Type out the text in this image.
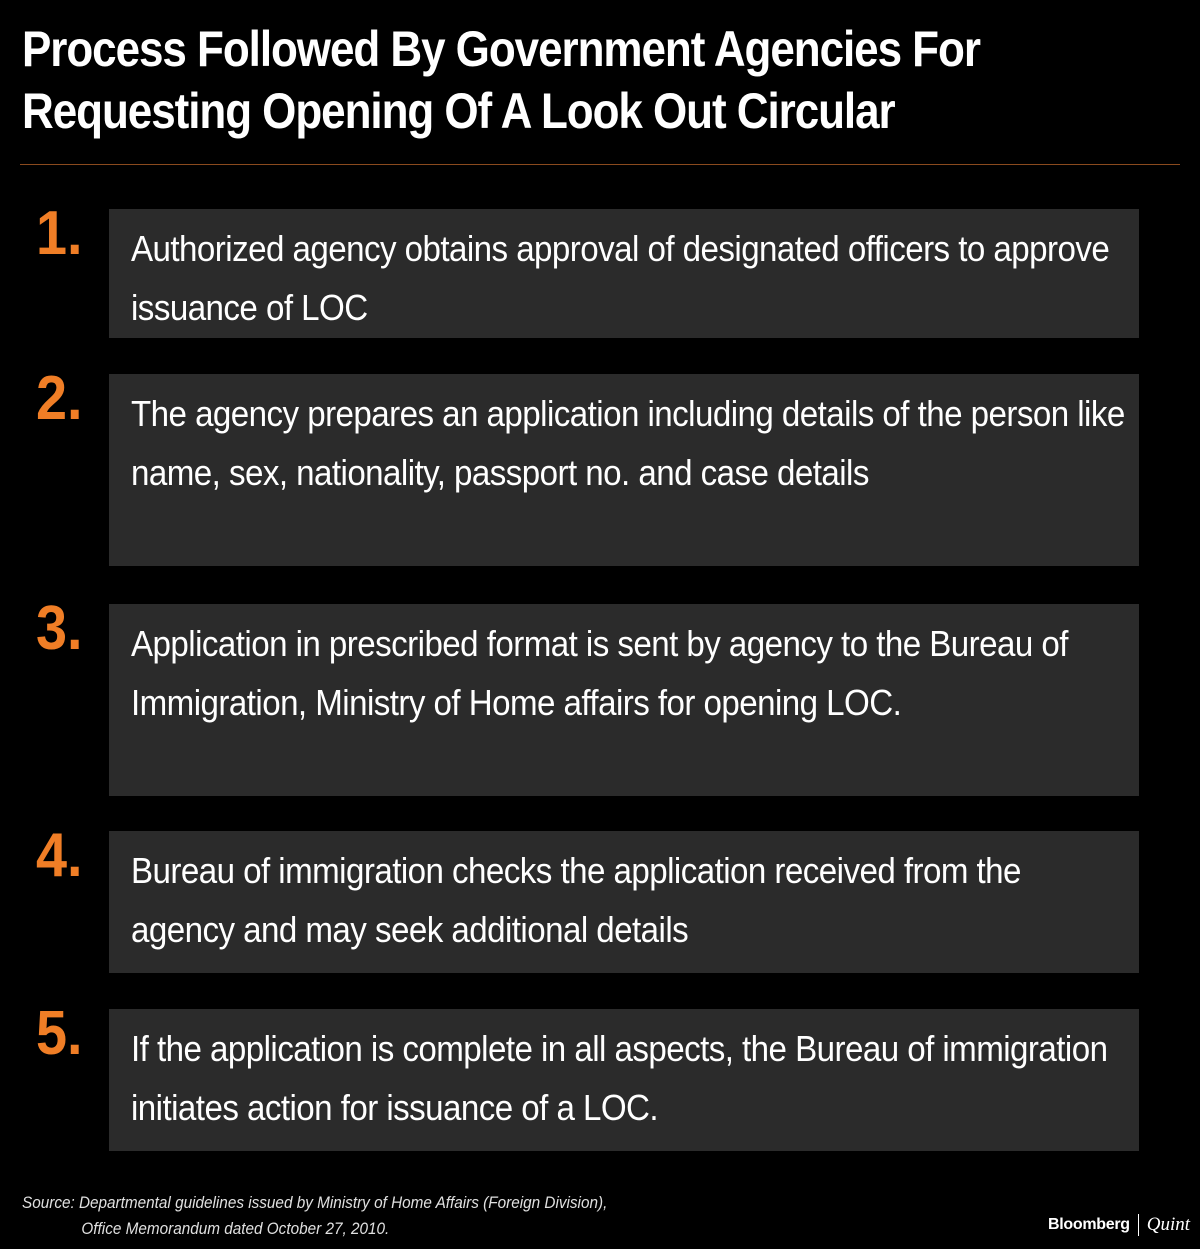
Process Followed By Government Agencies For Requesting Opening Of A Look Out Circular
1. Authorized agency obtains approval of designated officers to approve issuance of LOC
2. The agency prepares an application including details of the person like name, sex, nationality, passport no. and case details
3. Application in prescribed format is sent by agency to the Bureau of Immigration, Ministry of Home affairs for opening LOC.
4. Bureau of immigration checks the application received from the agency and may seek additional details
5. If the application is complete in all aspects, the Bureau of immigration initiates action for issuance of a LOC.
Source: Departmental guidelines issued by Ministry of Home Affairs (Foreign Division),
Office Memorandum dated October 27, 2010.	Bloomberg Quint
